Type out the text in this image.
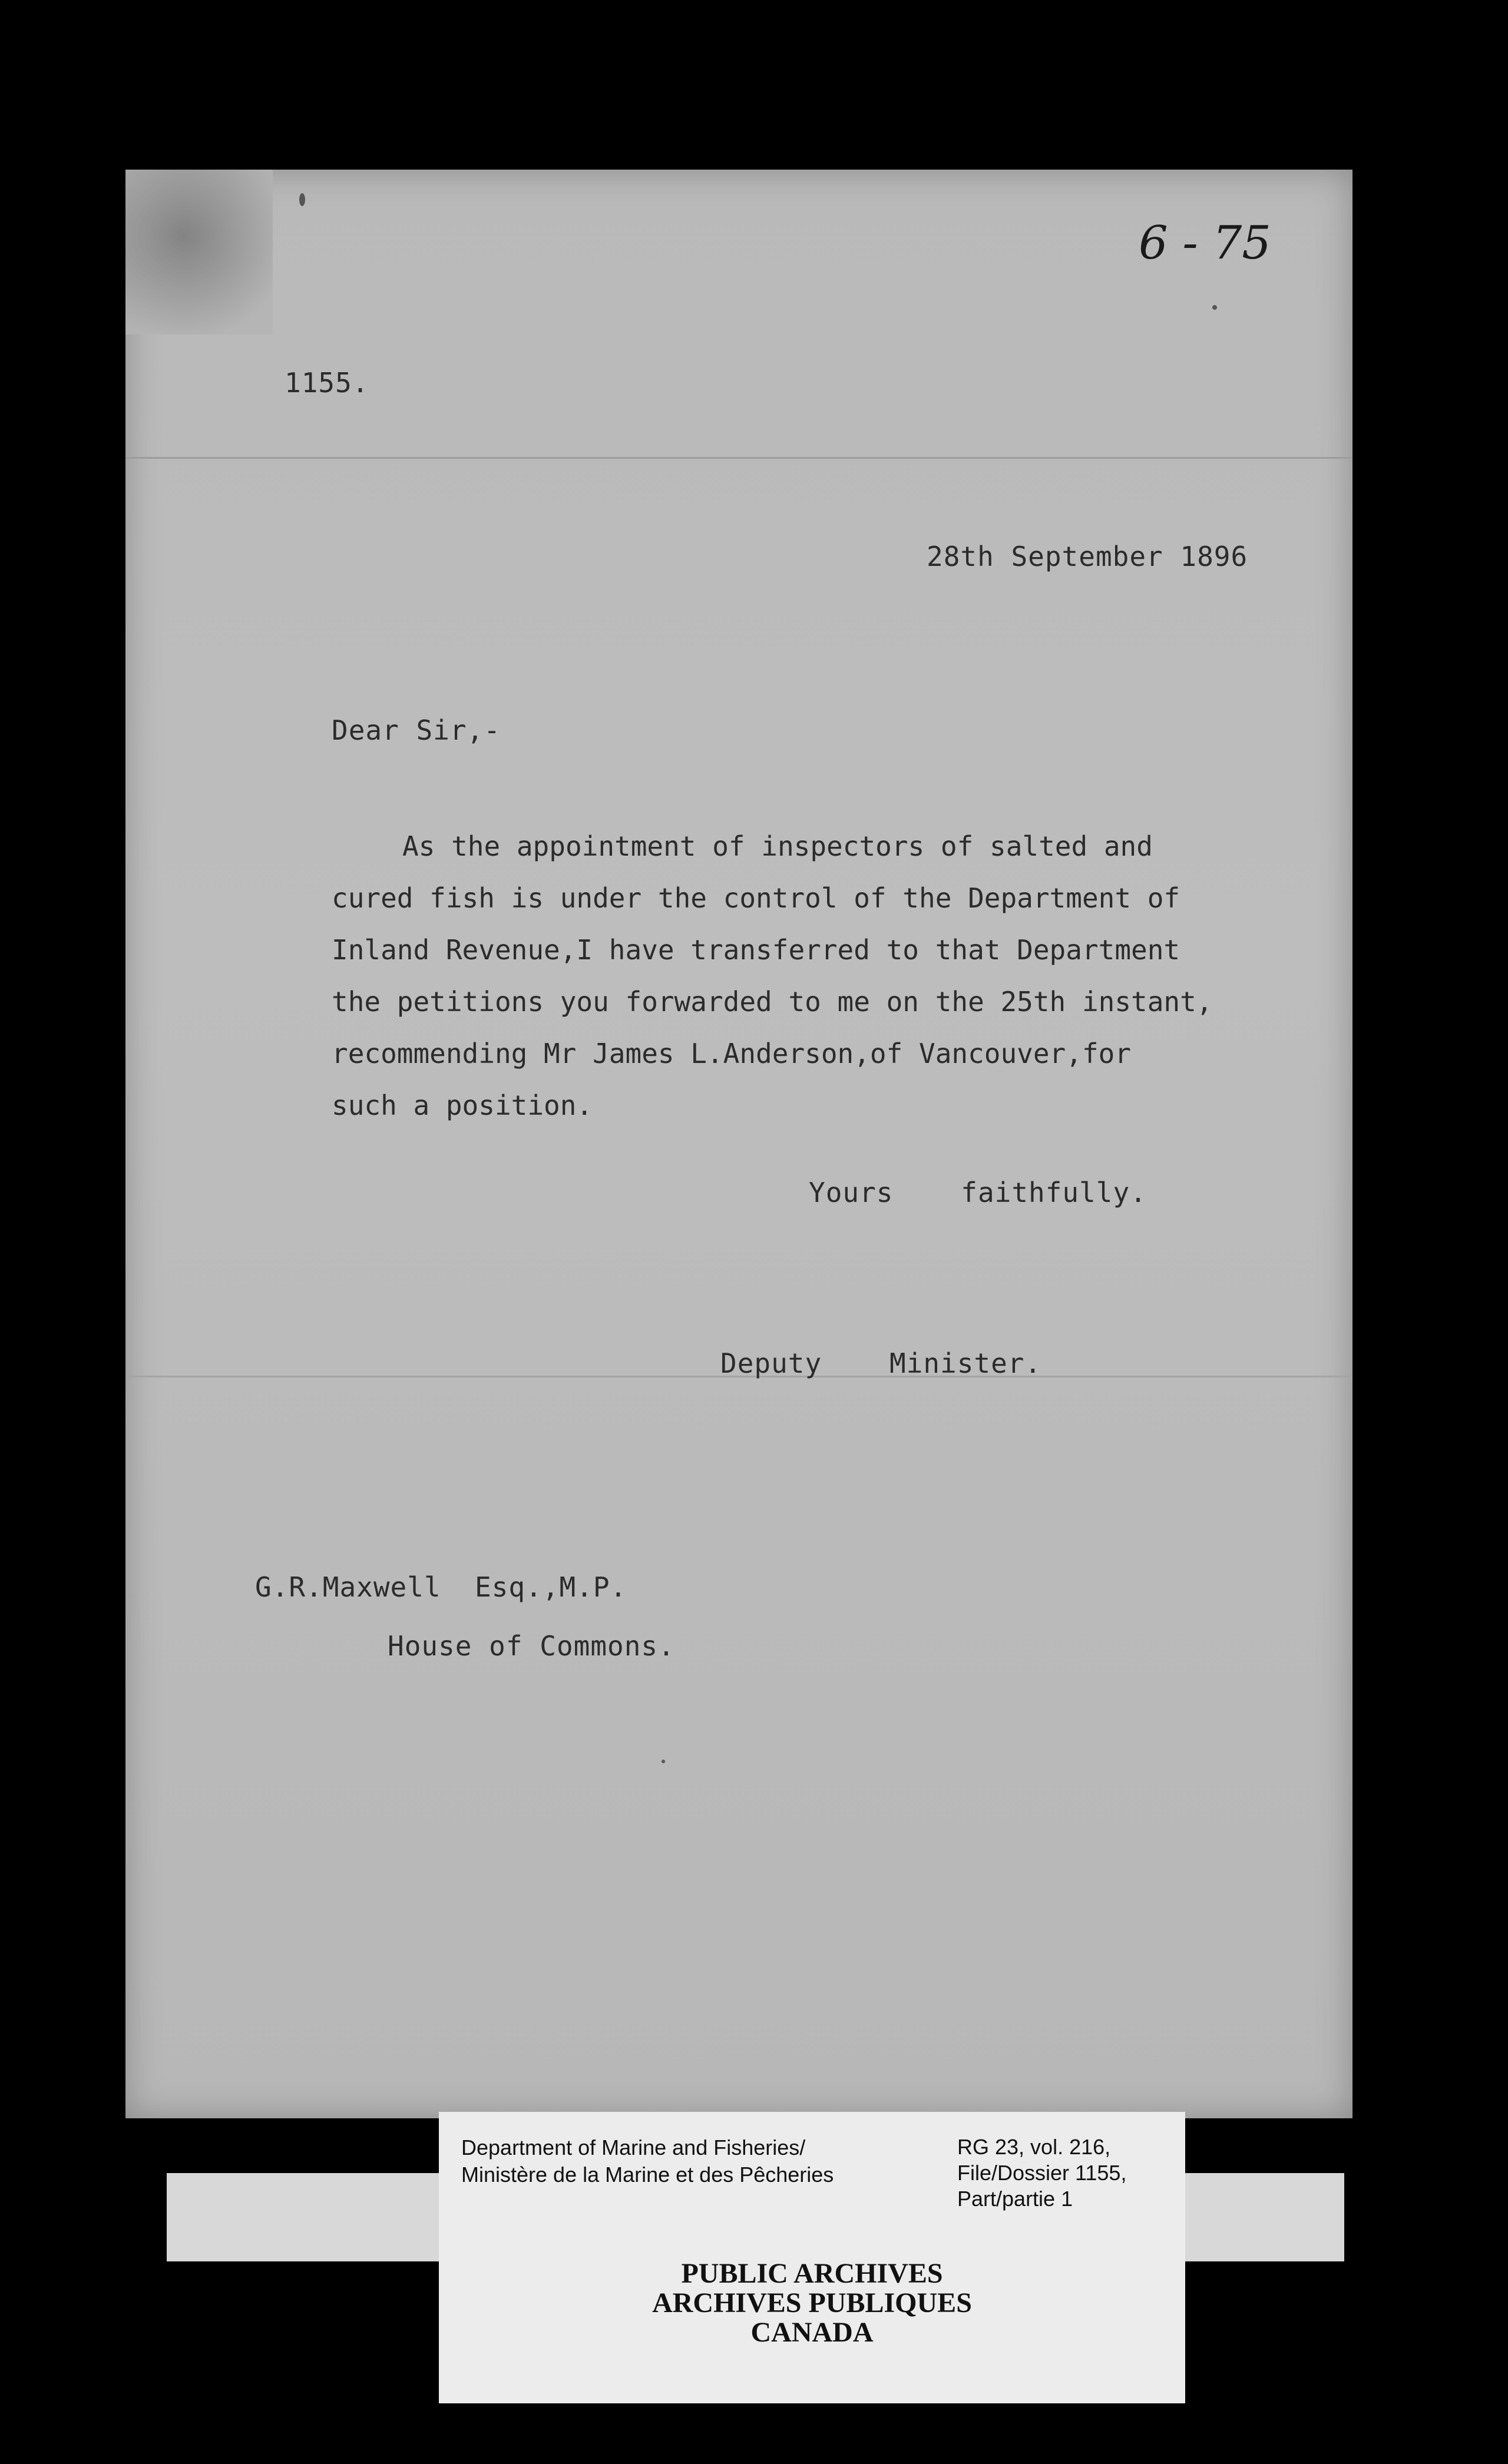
6 - 75
1155.
28th September 1896
Dear Sir,-
As the appointment of inspectors of salted and
cured fish is under the control of the Department of
Inland Revenue,I have transferred to that Department
the petitions you forwarded to me on the 25th instant,
recommending Mr James L.Anderson,of Vancouver,for
such a position.
Yours    faithfully.
Deputy    Minister.
G.R.Maxwell  Esq.,M.P.
House of Commons.
Department of Marine and Fisheries/
Ministère de la Marine et des Pêcheries
RG 23, vol. 216,
File/Dossier 1155,
Part/partie 1
PUBLIC ARCHIVES
ARCHIVES PUBLIQUES
CANADA
